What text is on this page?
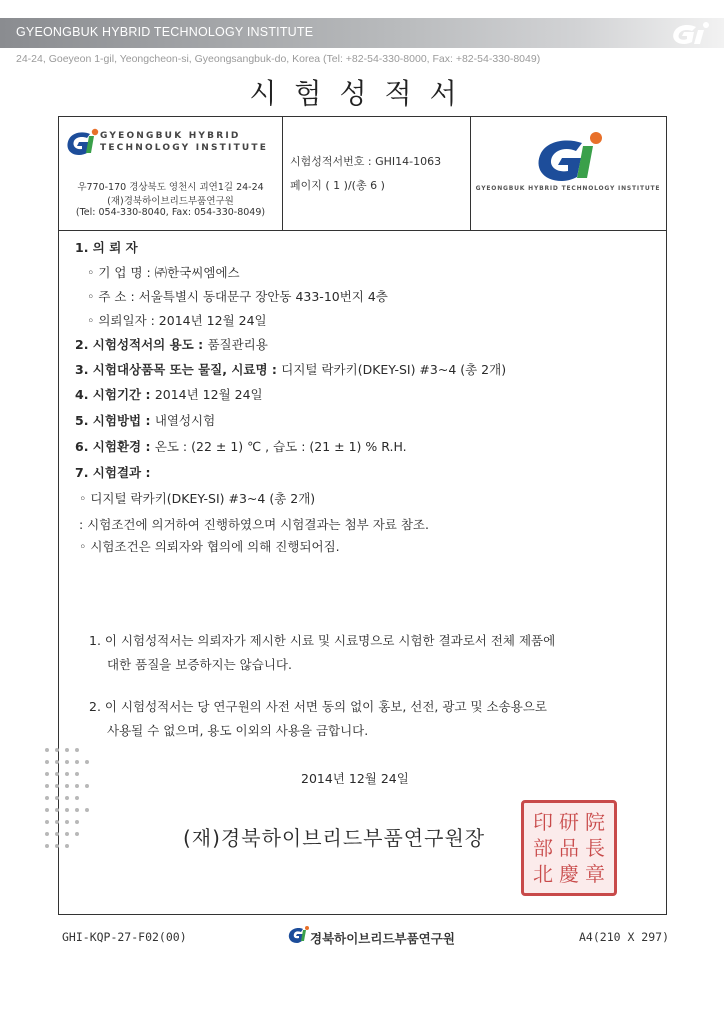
GYEONGBUK HYBRID TECHNOLOGY INSTITUTE
24-24, Goeyeon 1-gil, Yeongcheon-si, Gyeongsangbuk-do, Korea (Tel: +82-54-330-8000, Fax: +82-54-330-8049)
시험성적서
GYEONGBUK HYBRID
TECHNOLOGY INSTITUTE
우770-170 경상북도 영천시 괴연1길 24-24
(재)경북하이브리드부품연구원
(Tel: 054-330-8040, Fax: 054-330-8049)
시험성적서번호 : GHI14-1063
페이지 ( 1 )/(총 6 )	GYEONGBUK HYBRID TECHNOLOGY INSTITUTE
1. 의 뢰 자
◦ 기 업 명 : ㈜한국씨엠에스
◦ 주 소 : 서울특별시 동대문구 장안동 433-10번지 4층
◦ 의뢰일자 : 2014년 12월 24일
2. 시험성적서의 용도 : 품질관리용
3. 시험대상품목 또는 물질, 시료명 : 디지털 락카키(DKEY-SI) #3~4 (총 2개)
4. 시험기간 : 2014년 12월 24일
5. 시험방법 : 내열성시험
6. 시험환경 : 온도 : (22 ± 1) ℃ , 습도 : (21 ± 1) % R.H.
7. 시험결과 :
◦ 디지털 락카키(DKEY-SI) #3~4 (총 2개)
: 시험조건에 의거하여 진행하였으며 시험결과는 첨부 자료 참조.
◦ 시험조건은 의뢰자와 협의에 의해 진행되어짐.
1. 이 시험성적서는 의뢰자가 제시한 시료 및 시료명으로 시험한 결과로서 전체 제품에
대한 품질을 보증하지는 않습니다.
2. 이 시험성적서는 당 연구원의 사전 서면 동의 없이 홍보, 선전, 광고 및 소송용으로
사용될 수 없으며, 용도 이외의 사용을 금합니다.
2014년 12월 24일
(재)경북하이브리드부품연구원장
印 研 院
部 品 長
北 慶 章
GHI-KQP-27-F02(00)	경북하이브리드부품연구원	A4(210 X 297)
